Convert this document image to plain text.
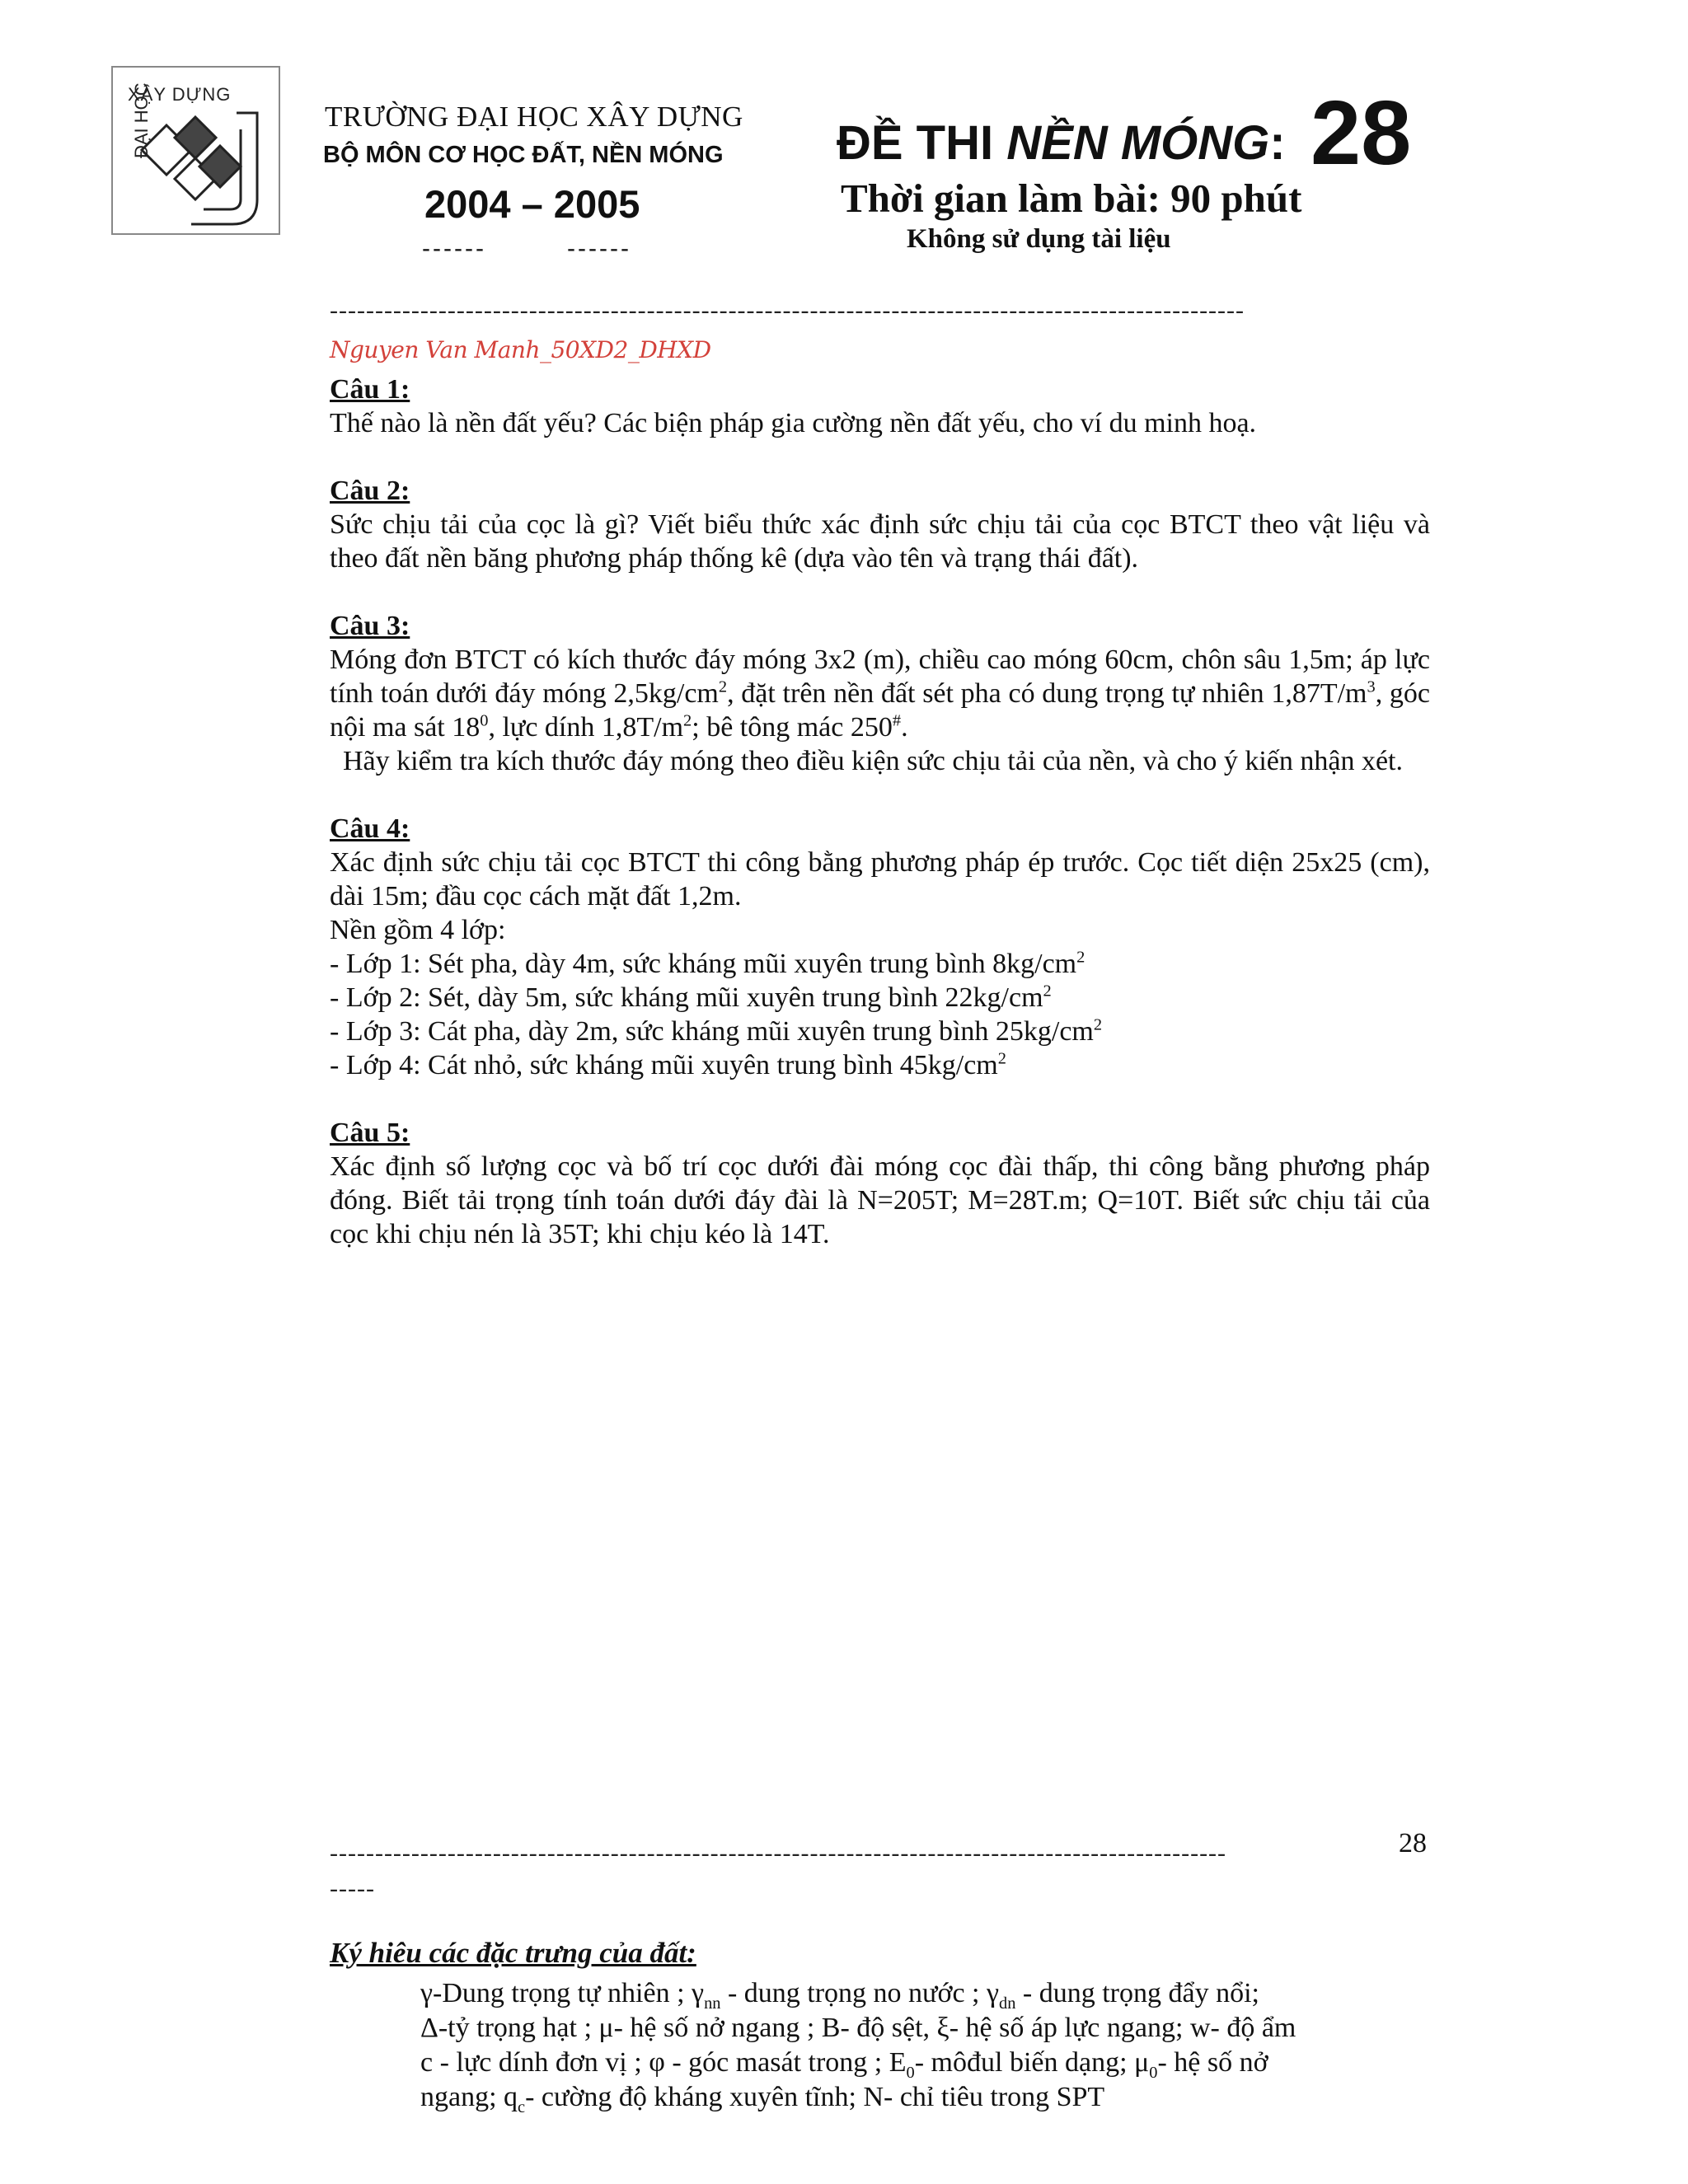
XÂY DỰNG
ĐẠI HỌC	TRƯỜNG ĐẠI HỌC XÂY DỰNG
BỘ MÔN CƠ HỌC ĐẤT, NỀN MÓNG
2004 – 2005
------	------
ĐỀ THI NỀN MÓNG: 28
Thời gian làm bài: 90 phút
Không sử dụng tài liệu
-----------------------------------------------------------------------------------------------------
Nguyen Van Manh_50XD2_DHXD
Câu 1:

Thế nào là nền đất yếu? Các biện pháp gia cường nền đất yếu, cho ví du minh hoạ.

Câu 2:

Sức chịu tải của cọc là gì? Viết biểu thức xác định sức chịu tải của cọc BTCT theo vật liệu và theo đất nền băng phương pháp thống kê (dựa vào tên và trạng thái đất).

Câu 3:

Móng đơn BTCT có kích thước đáy móng 3x2 (m), chiều cao móng 60cm, chôn sâu 1,5m; áp lực tính toán dưới đáy móng $2,5kg/cm^2$, đặt trên nền đất sét pha có dung trọng tự nhiên $1,87T/m^3$, góc nội ma sát $18^0$, lực dính $1,8T/m^2$; bê tông mác 250#.

Hãy kiểm tra kích thước đáy móng theo điều kiện sức chịu tải của nền, và cho ý kiến nhận xét.

Câu 4:

Xác định sức chịu tải cọc BTCT thi công bằng phương pháp ép trước. Cọc tiết diện 25x25 (cm), dài 15m; đầu cọc cách mặt đất 1,2m.

Nền gồm 4 lớp:

- Lớp 1: Sét pha, dày 4m, sức kháng mũi xuyên trung bình $8kg/cm^2$

- Lớp 2: Sét, dày 5m, sức kháng mũi xuyên trung bình $22kg/cm^2$

- Lớp 3: Cát pha, dày 2m, sức kháng mũi xuyên trung bình $25kg/cm^2$

- Lớp 4: Cát nhỏ, sức kháng mũi xuyên trung bình $45kg/cm^2$

Câu 5:

Xác định số lượng cọc và bố trí cọc dưới đài móng cọc đài thấp, thi công bằng phương pháp đóng. Biết tải trọng tính toán dưới đáy đài là N=205T; M=28T.m; Q=10T. Biết sức chịu tải của cọc khi chịu nén là 35T; khi chịu kéo là 14T.

---------------------------------------------------------------------------------------------------
-----
28
Ký hiêu các đặc trưng của đất:

γ-Dung trọng tự nhiên ; $\gamma_{nn}$ - dung trọng no nước ; $\gamma_{dn}$ - dung trọng đẩy nổi;

Δ-tỷ trọng hạt ; μ- hệ số nở ngang ; B- độ sệt, ξ- hệ số áp lực ngang; w- độ ẩm

c - lực dính đơn vị ; φ - góc masát trong ; $E_0-$ môđul biến dạng; $\mu_0-$ hệ số nở

ngang; $q_c-$ cường độ kháng xuyên tĩnh; N- chỉ tiêu trong SPT
